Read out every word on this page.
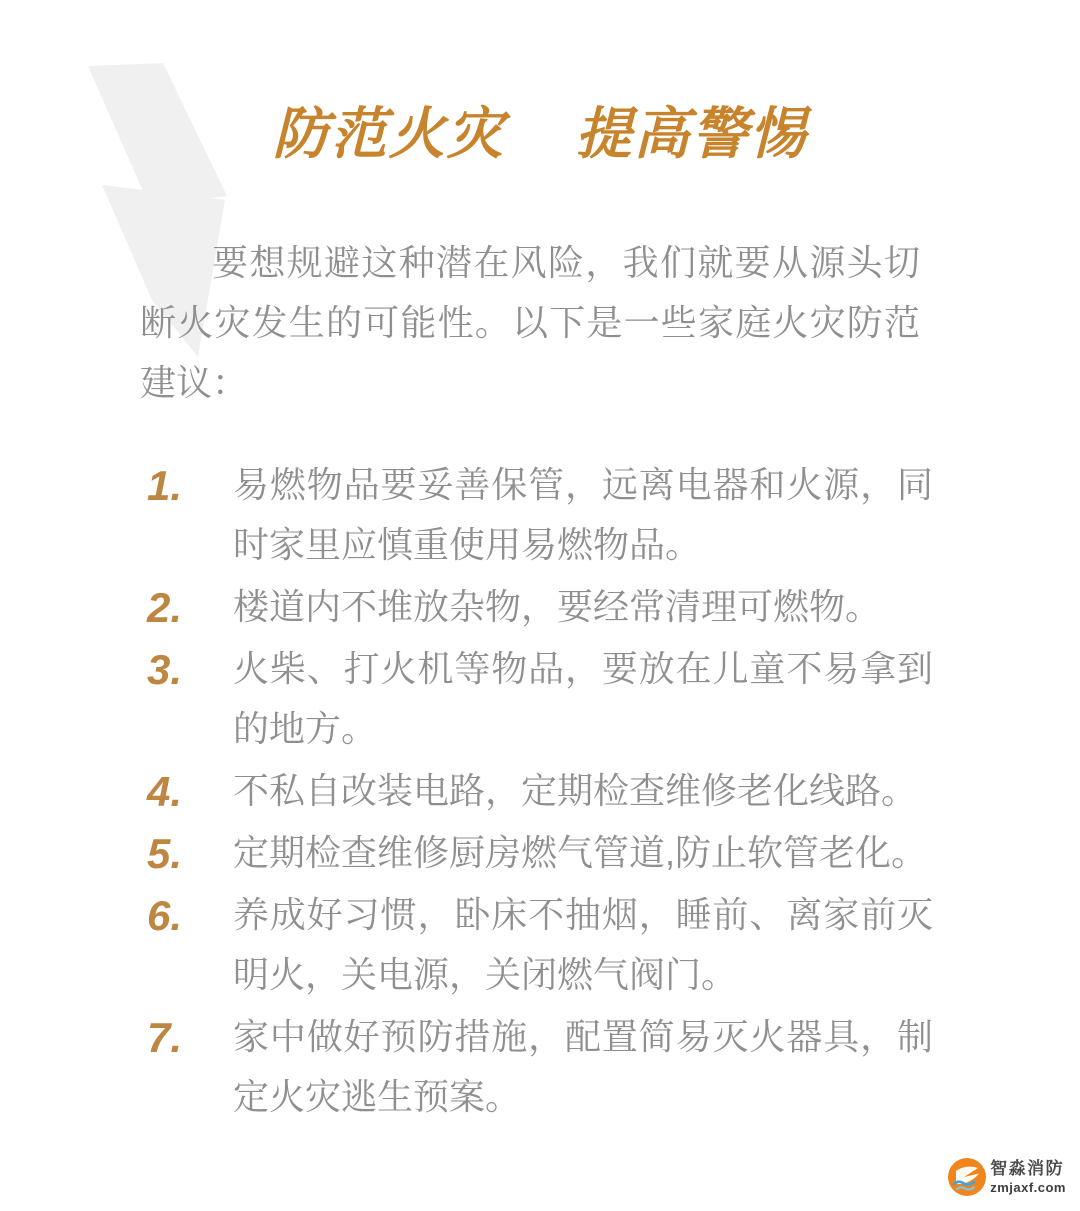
防范火灾 提高警惕

要想规避这种潜在风险，我们就要从源头切断火灾发生的可能性。以下是一些家庭火灾防范建议：

1.	易燃物品要妥善保管，远离电器和火源，同时家里应慎重使用易燃物品。
2.	楼道内不堆放杂物，要经常清理可燃物。
3.	火柴、打火机等物品，要放在儿童不易拿到的地方。
4.	不私自改装电路，定期检查维修老化线路。
5.	定期检查维修厨房燃气管道,防止软管老化。
6.	养成好习惯，卧床不抽烟，睡前、离家前灭明火，关电源，关闭燃气阀门。
7.	家中做好预防措施，配置简易灭火器具，制定火灾逃生预案。
智淼消防
zmjaxf.com
